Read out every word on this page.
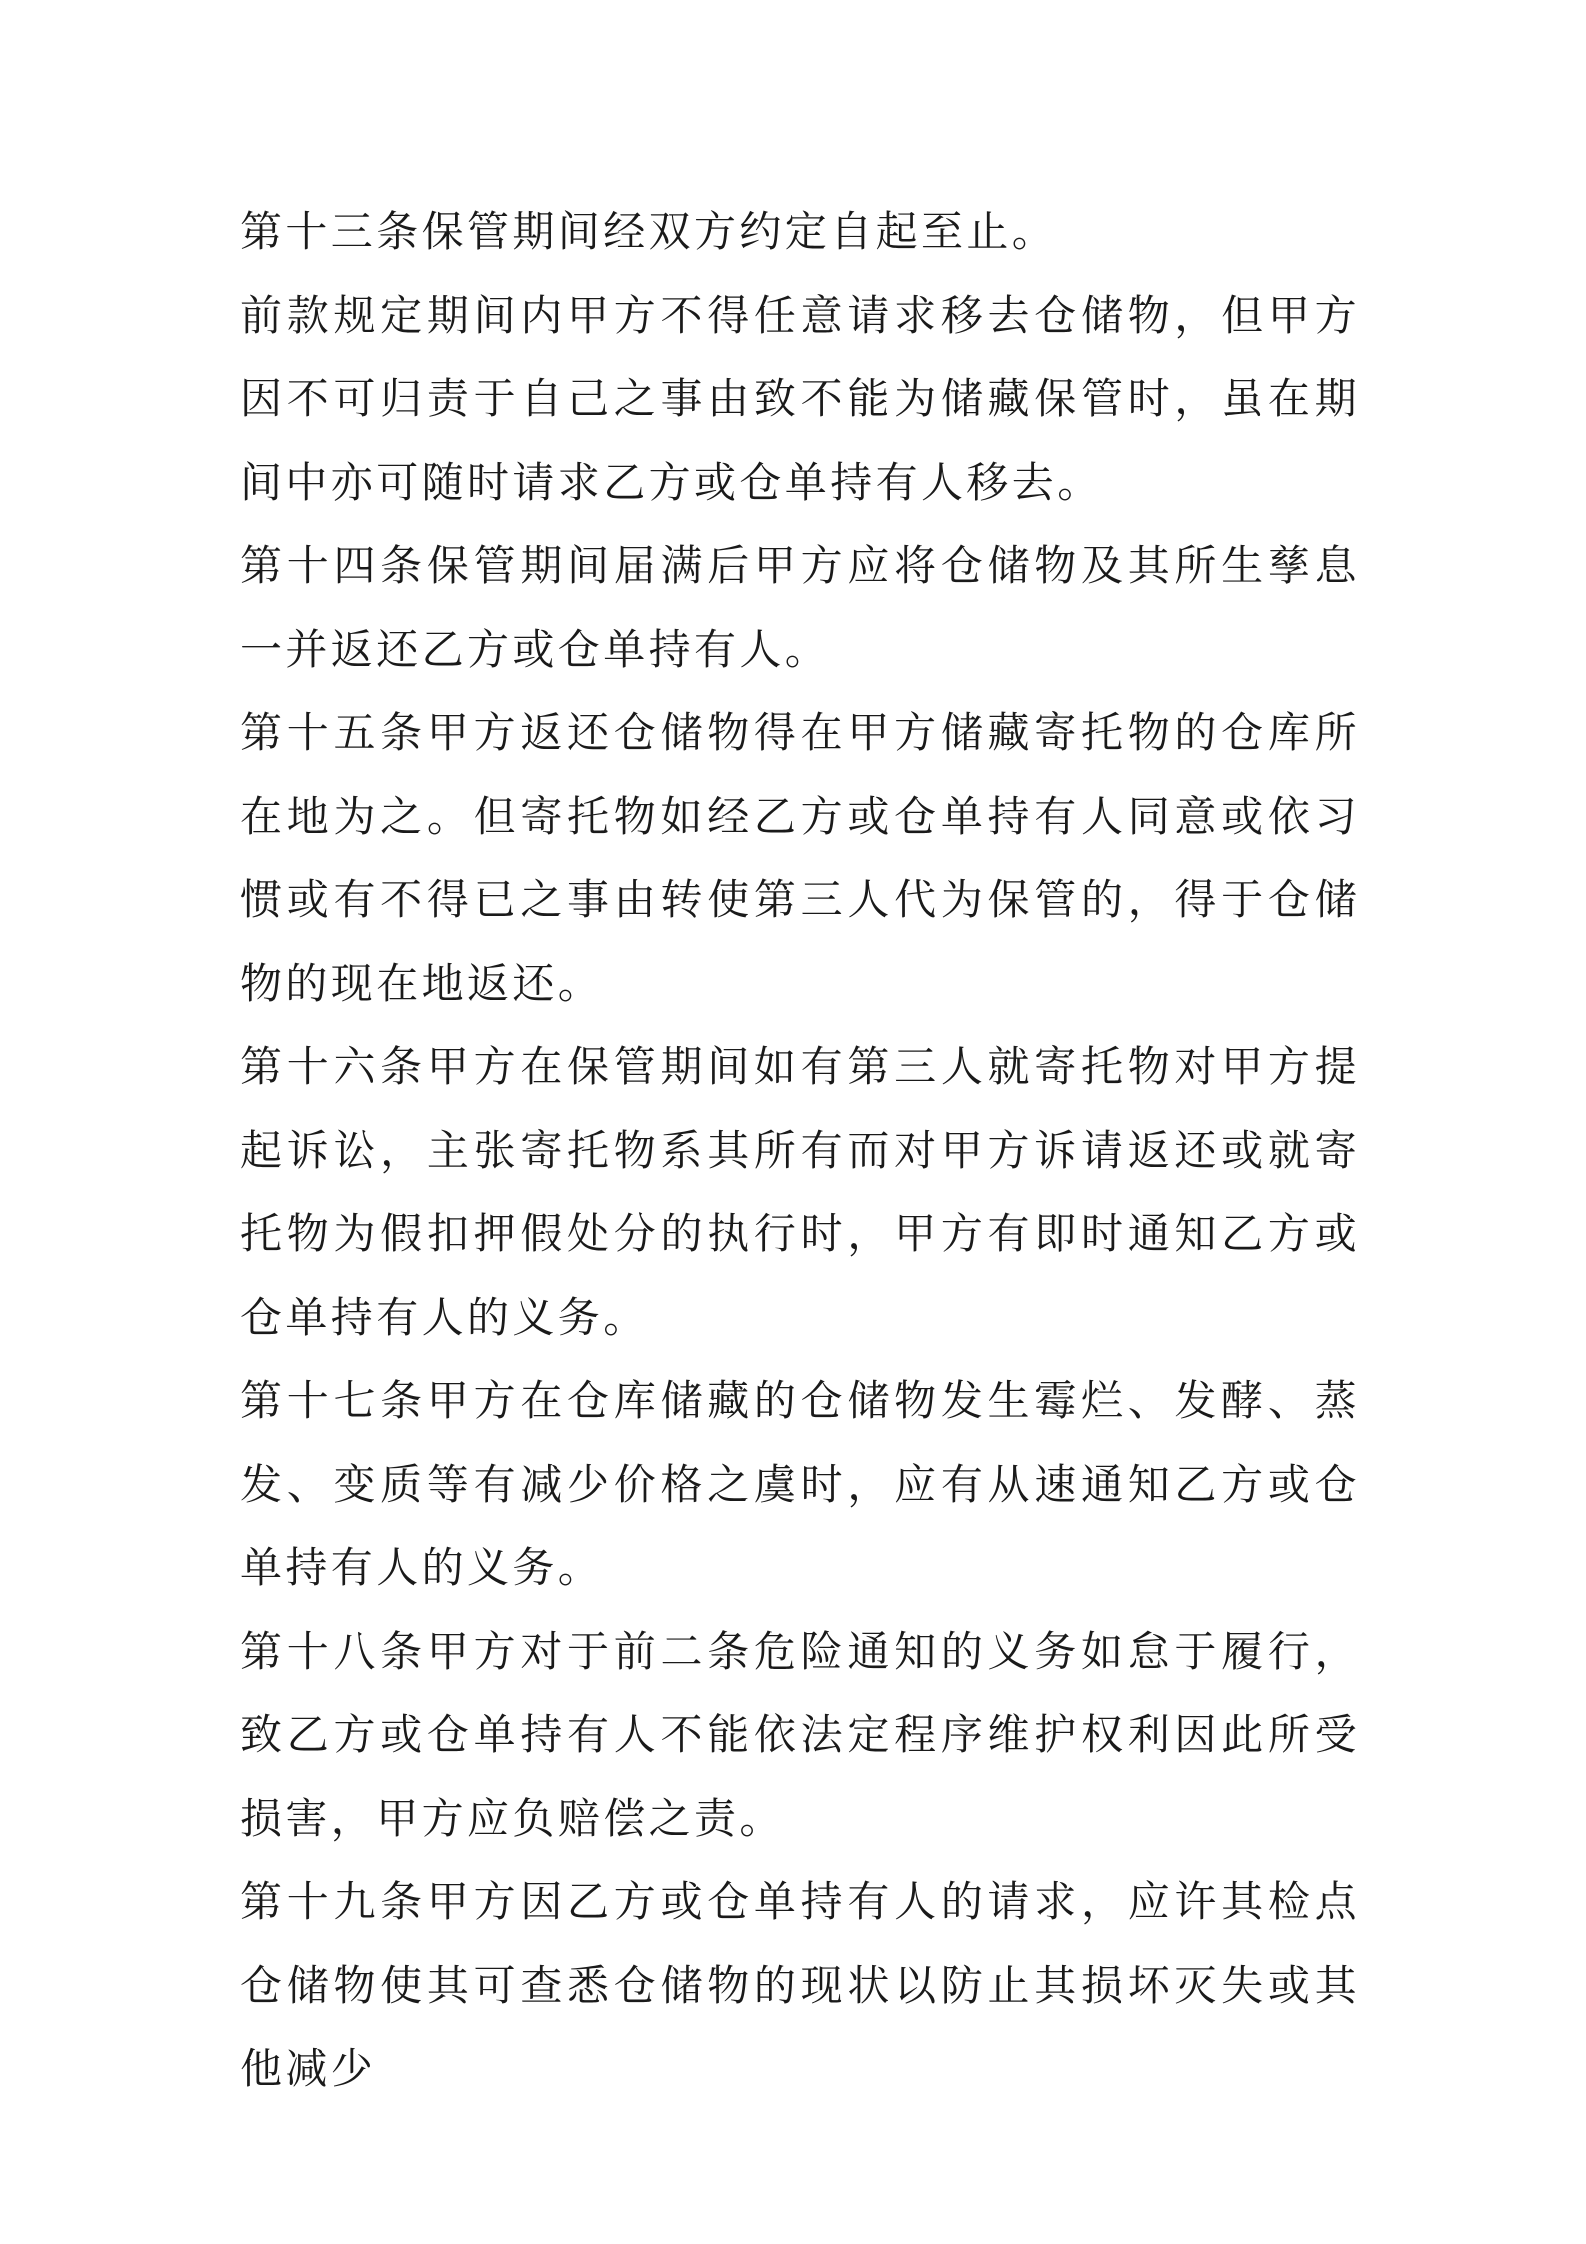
第十三条保管期间经双方约定自起至止。

前款规定期间内甲方不得任意请求移去仓储物，但甲方因不可归责于自己之事由致不能为储藏保管时，虽在期间中亦可随时请求乙方或仓单持有人移去。

第十四条保管期间届满后甲方应将仓储物及其所生孳息一并返还乙方或仓单持有人。

第十五条甲方返还仓储物得在甲方储藏寄托物的仓库所在地为之。但寄托物如经乙方或仓单持有人同意或依习惯或有不得已之事由转使第三人代为保管的，得于仓储物的现在地返还。

第十六条甲方在保管期间如有第三人就寄托物对甲方提起诉讼，主张寄托物系其所有而对甲方诉请返还或就寄托物为假扣押假处分的执行时，甲方有即时通知乙方或仓单持有人的义务。

第十七条甲方在仓库储藏的仓储物发生霉烂、发酵、蒸发、变质等有减少价格之虞时，应有从速通知乙方或仓单持有人的义务。

第十八条甲方对于前二条危险通知的义务如怠于履行，致乙方或仓单持有人不能依法定程序维护权利因此所受损害，甲方应负赔偿之责。

第十九条甲方因乙方或仓单持有人的请求，应许其检点仓储物使其可查悉仓储物的现状以防止其损坏灭失或其他减少
